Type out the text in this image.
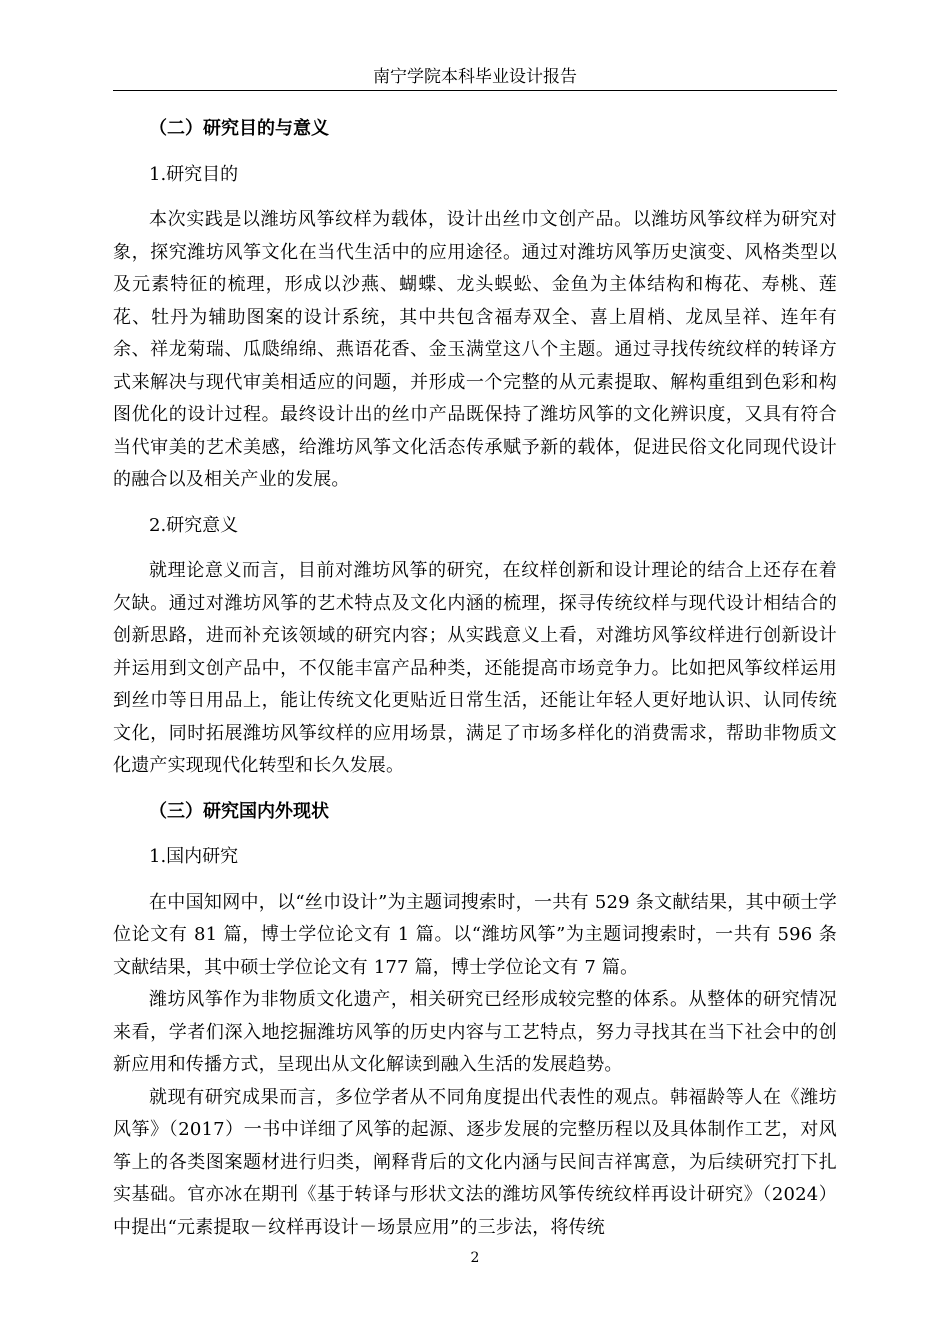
南宁学院本科毕业设计报告

（二）研究目的与意义

1.研究目的

本次实践是以潍坊风筝纹样为载体，设计出丝巾文创产品。以潍坊风筝纹样为研究对象，探究潍坊风筝文化在当代生活中的应用途径。通过对潍坊风筝历史演变、风格类型以及元素特征的梳理，形成以沙燕、蝴蝶、龙头蜈蚣、金鱼为主体结构和梅花、寿桃、莲花、牡丹为辅助图案的设计系统，其中共包含福寿双全、喜上眉梢、龙凤呈祥、连年有余、祥龙菊瑞、瓜瓞绵绵、燕语花香、金玉满堂这八个主题。通过寻找传统纹样的转译方式来解决与现代审美相适应的问题，并形成一个完整的从元素提取、解构重组到色彩和构图优化的设计过程。最终设计出的丝巾产品既保持了潍坊风筝的文化辨识度，又具有符合当代审美的艺术美感，给潍坊风筝文化活态传承赋予新的载体，促进民俗文化同现代设计的融合以及相关产业的发展。

2.研究意义

就理论意义而言，目前对潍坊风筝的研究，在纹样创新和设计理论的结合上还存在着欠缺。通过对潍坊风筝的艺术特点及文化内涵的梳理，探寻传统纹样与现代设计相结合的创新思路，进而补充该领域的研究内容；从实践意义上看，对潍坊风筝纹样进行创新设计并运用到文创产品中，不仅能丰富产品种类，还能提高市场竞争力。比如把风筝纹样运用到丝巾等日用品上，能让传统文化更贴近日常生活，还能让年轻人更好地认识、认同传统文化，同时拓展潍坊风筝纹样的应用场景，满足了市场多样化的消费需求，帮助非物质文化遗产实现现代化转型和长久发展。

（三）研究国内外现状

1.国内研究

在中国知网中，以“丝巾设计”为主题词搜索时，一共有 529 条文献结果，其中硕士学位论文有 81 篇，博士学位论文有 1 篇。以“潍坊风筝”为主题词搜索时，一共有 596 条文献结果，其中硕士学位论文有 177 篇，博士学位论文有 7 篇。

潍坊风筝作为非物质文化遗产，相关研究已经形成较完整的体系。从整体的研究情况来看，学者们深入地挖掘潍坊风筝的历史内容与工艺特点，努力寻找其在当下社会中的创新应用和传播方式，呈现出从文化解读到融入生活的发展趋势。

就现有研究成果而言，多位学者从不同角度提出代表性的观点。韩福龄等人在《潍坊风筝》（2017）一书中详细了风筝的起源、逐步发展的完整历程以及具体制作工艺，对风筝上的各类图案题材进行归类，阐释背后的文化内涵与民间吉祥寓意，为后续研究打下扎实基础。官亦冰在期刊《基于转译与形状文法的潍坊风筝传统纹样再设计研究》（2024）中提出“元素提取－纹样再设计－场景应用”的三步法，将传统

2
